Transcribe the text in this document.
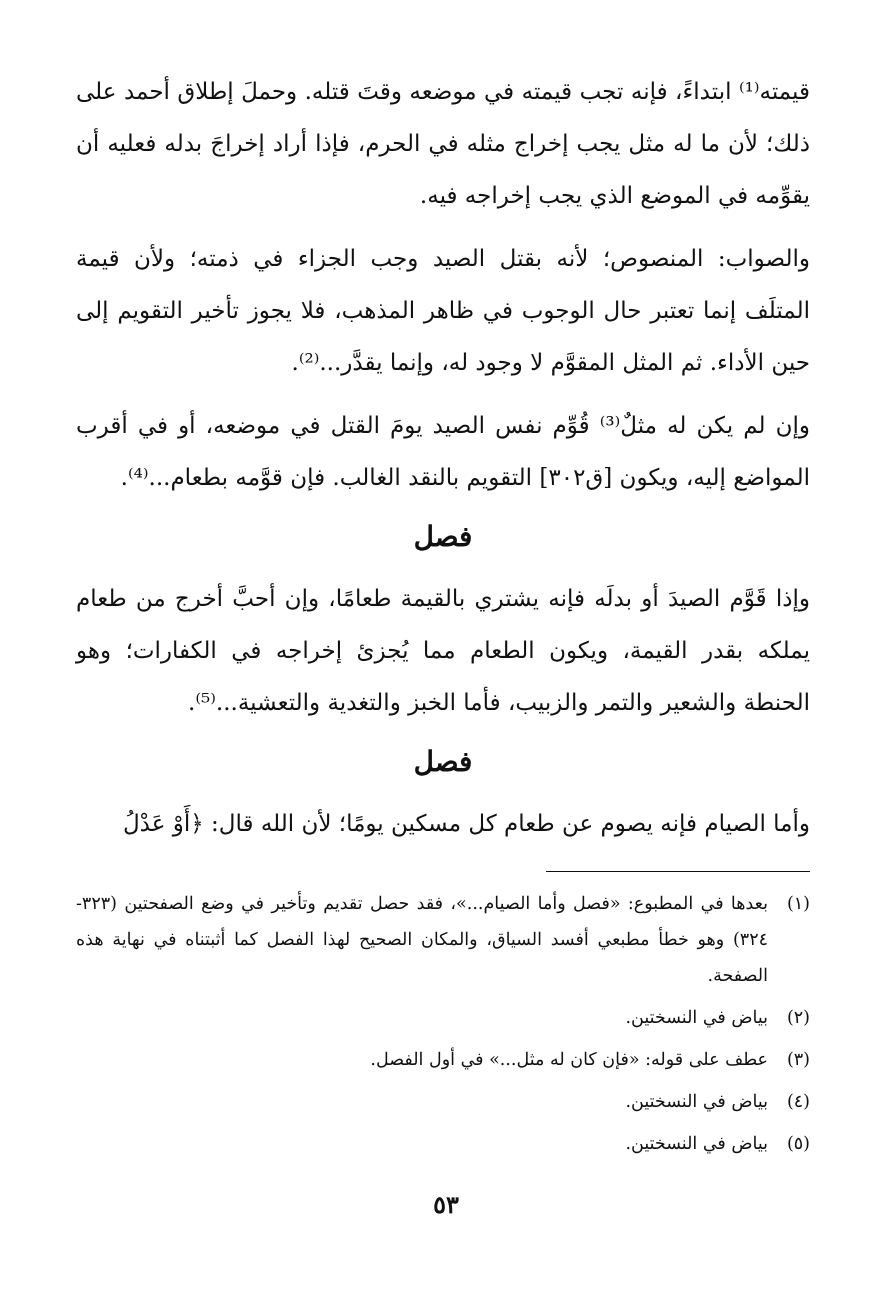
قيمته⁽¹⁾ ابتداءً، فإنه تجب قيمته في موضعه وقتَ قتله. وحملَ إطلاق أحمد على ذلك؛ لأن ما له مثل يجب إخراج مثله في الحرم، فإذا أراد إخراجَ بدله فعليه أن يقوِّمه في الموضع الذي يجب إخراجه فيه.

والصواب: المنصوص؛ لأنه بقتل الصيد وجب الجزاء في ذمته؛ ولأن قيمة المتلَف إنما تعتبر حال الوجوب في ظاهر المذهب، فلا يجوز تأخير التقويم إلى حين الأداء. ثم المثل المقوَّم لا وجود له، وإنما يقدَّر...⁽²⁾.

وإن لم يكن له مثلٌ⁽³⁾ قُوِّم نفس الصيد يومَ القتل في موضعه، أو في أقرب المواضع إليه، ويكون [ق٣٠٢] التقويم بالنقد الغالب. فإن قوَّمه بطعام...⁽⁴⁾.

فصل

وإذا قَوَّم الصيدَ أو بدلَه فإنه يشتري بالقيمة طعامًا، وإن أحبَّ أخرج من طعام يملكه بقدر القيمة، ويكون الطعام مما يُجزئ إخراجه في الكفارات؛ وهو الحنطة والشعير والتمر والزبيب، فأما الخبز والتغدية والتعشية...⁽⁵⁾.

فصل

وأما الصيام فإنه يصوم عن طعام كل مسكين يومًا؛ لأن الله قال: ﴿أَوْ عَدْلُ

(١)
بعدها في المطبوع: «فصل وأما الصيام...»، فقد حصل تقديم وتأخير في وضع الصفحتين (٣٢٣- ٣٢٤) وهو خطأ مطبعي أفسد السياق، والمكان الصحيح لهذا الفصل كما أثبتناه في نهاية هذه الصفحة.
(٢)
بياض في النسختين.
(٣)
عطف على قوله: «فإن كان له مثل...» في أول الفصل.
(٤)
بياض في النسختين.
(٥)
بياض في النسختين.
٥٣
